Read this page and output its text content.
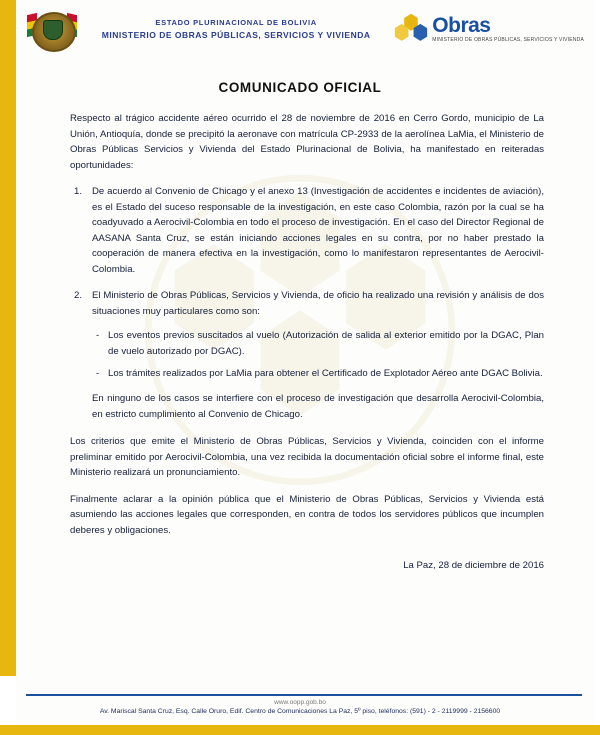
ESTADO PLURINACIONAL DE BOLIVIA
MINISTERIO DE OBRAS PÚBLICAS, SERVICIOS Y VIVIENDA	Obras
MINISTERIO DE OBRAS PÚBLICAS, SERVICIOS Y VIVIENDA
COMUNICADO OFICIAL

Respecto al trágico accidente aéreo ocurrido el 28 de noviembre de 2016 en Cerro Gordo, municipio de La Unión, Antioquía, donde se precipitó la aeronave con matrícula CP-2933 de la aerolínea LaMia, el Ministerio de Obras Públicas Servicios y Vivienda del Estado Plurinacional de Bolivia, ha manifestado en reiteradas oportunidades:

De acuerdo al Convenio de Chicago y el anexo 13 (Investigación de accidentes e incidentes de aviación), es el Estado del suceso responsable de la investigación, en este caso Colombia, razón por la cual se ha coadyuvado a Aerocivil-Colombia en todo el proceso de investigación. En el caso del Director Regional de AASANA Santa Cruz, se están iniciando acciones legales en su contra, por no haber prestado la cooperación de manera efectiva en la investigación, como lo manifestaron representantes de Aerocivil-Colombia.
El Ministerio de Obras Públicas, Servicios y Vivienda, de oficio ha realizado una revisión y análisis de dos situaciones muy particulares como son:
- Los eventos previos suscitados al vuelo (Autorización de salida al exterior emitido por la DGAC, Plan de vuelo autorizado por DGAC).
- Los trámites realizados por LaMia para obtener el Certificado de Explotador Aéreo ante DGAC Bolivia.
En ninguno de los casos se interfiere con el proceso de investigación que desarrolla Aerocivil-Colombia, en estricto cumplimiento al Convenio de Chicago.

Los criterios que emite el Ministerio de Obras Públicas, Servicios y Vivienda, coinciden con el informe preliminar emitido por Aerocivil-Colombia, una vez recibida la documentación oficial sobre el informe final, este Ministerio realizará un pronunciamiento.

Finalmente aclarar a la opinión pública que el Ministerio de Obras Públicas, Servicios y Vivienda está asumiendo las acciones legales que corresponden, en contra de todos los servidores públicos que incumplen deberes y obligaciones.

La Paz, 28 de diciembre de 2016
www.oopp.gob.bo
Av. Mariscal Santa Cruz, Esq. Calle Oruro, Edif. Centro de Comunicaciones La Paz, 5º piso, teléfonos: (591) - 2 - 2119999 - 2156600
